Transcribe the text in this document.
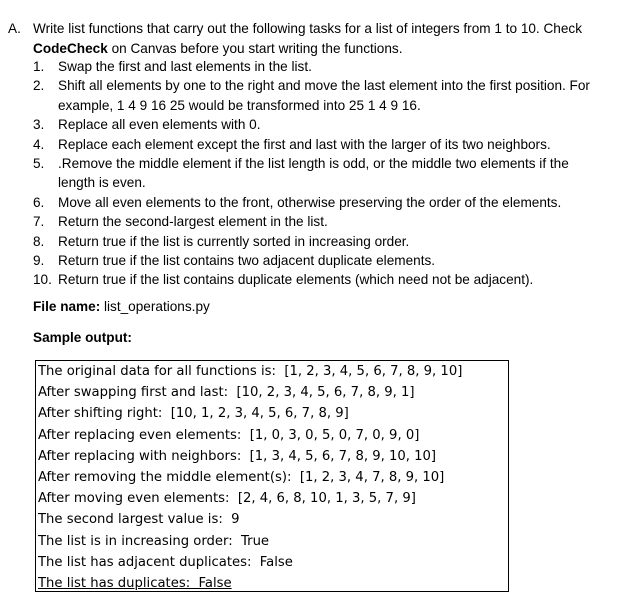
A. Write list functions that carry out the following tasks for a list of integers from 1 to 10. Check CodeCheck on Canvas before you start writing the functions.
1.	Swap the first and last elements in the list.
2.	Shift all elements by one to the right and move the last element into the first position. For example, 1 4 9 16 25 would be transformed into 25 1 4 9 16.
3.	Replace all even elements with 0.
4.	Replace each element except the first and last with the larger of its two neighbors.
5.	.Remove the middle element if the list length is odd, or the middle two elements if the length is even.
6.	Move all even elements to the front, otherwise preserving the order of the elements.
7.	Return the second-largest element in the list.
8.	Return true if the list is currently sorted in increasing order.
9.	Return true if the list contains two adjacent duplicate elements.
10. Return true if the list contains duplicate elements (which need not be adjacent).
File name: list_operations.py
Sample output:
The original data for all functions is:  [1, 2, 3, 4, 5, 6, 7, 8, 9, 10]
After swapping first and last:  [10, 2, 3, 4, 5, 6, 7, 8, 9, 1]
After shifting right:  [10, 1, 2, 3, 4, 5, 6, 7, 8, 9]
After replacing even elements:  [1, 0, 3, 0, 5, 0, 7, 0, 9, 0]
After replacing with neighbors:  [1, 3, 4, 5, 6, 7, 8, 9, 10, 10]
After removing the middle element(s):  [1, 2, 3, 4, 7, 8, 9, 10]
After moving even elements:  [2, 4, 6, 8, 10, 1, 3, 5, 7, 9]
The second largest value is:  9
The list is in increasing order:  True
The list has adjacent duplicates:  False
The list has duplicates:  False
